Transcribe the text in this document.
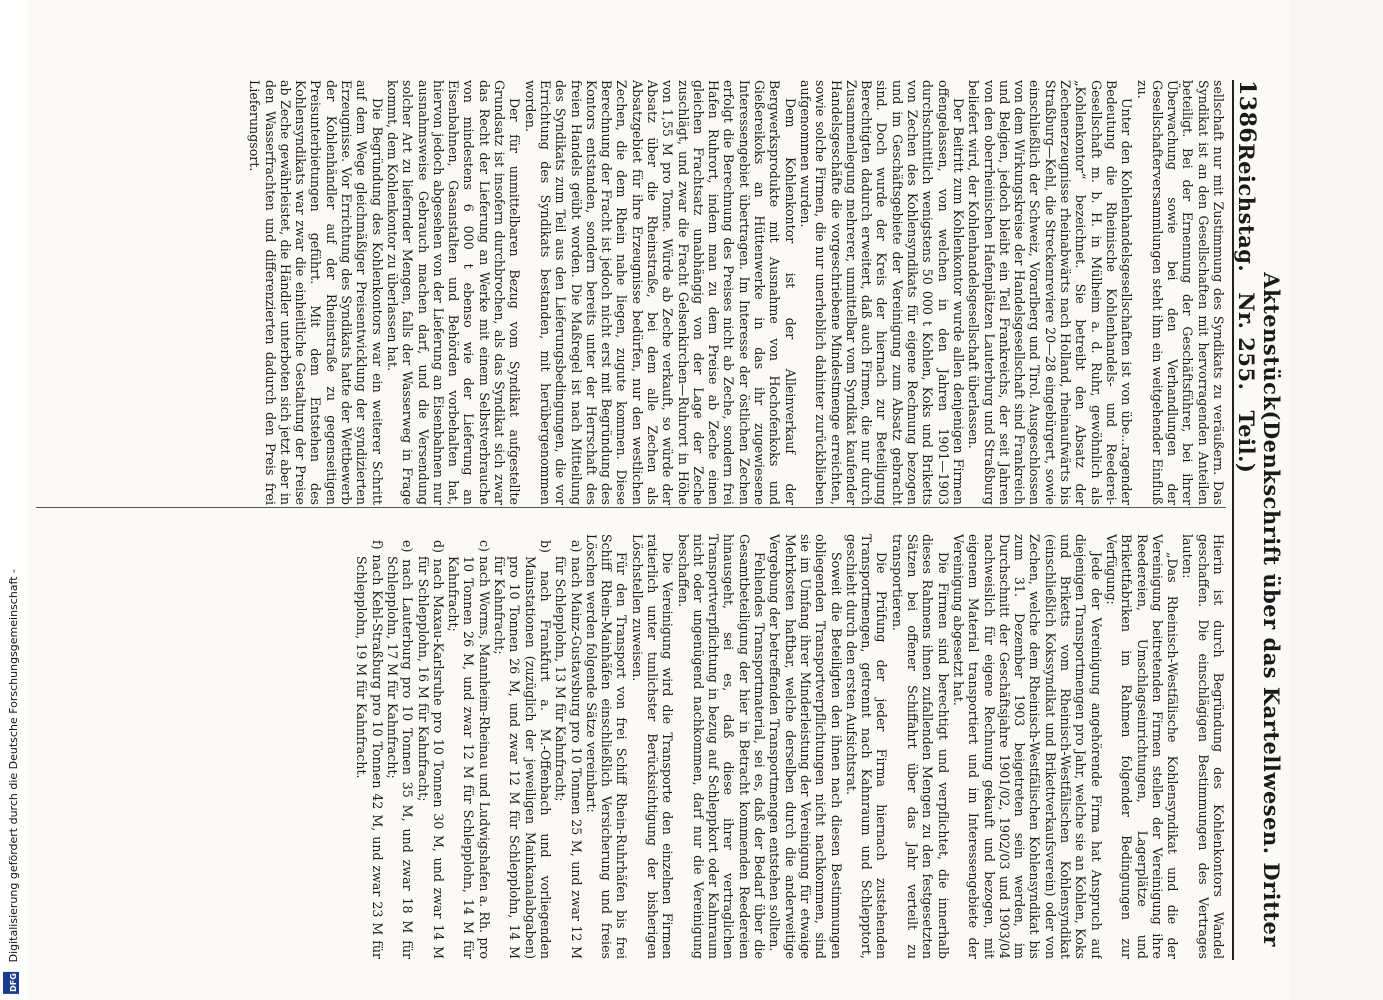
1386
Reichstag.
Aktenstück Nr. 255.
(Denkschrift über das Kartellwesen. Dritter Teil.)

sellschaft nur mit Zustimmung des Syndikats zu veräußern. Das Syndikat ist an den Gesellschaften mit hervorragenden Anteilen beteiligt. Bei der Ernennung der Geschäftsführer, bei ihrer Überwachung sowie bei den Verhandlungen der Gesellschafterversammlungen steht ihm ein weitgehender Einfluß zu.

Unter den Kohlenhandelsgesellschaften ist von übe...ragender Bedeutung die Rheinische Kohlenhandels- und Reederei-Gesellschaft m. b. H. in Mülheim a. d. Ruhr, gewöhnlich als „Kohlenkontor“ bezeichnet. Sie betreibt den Absatz der Zechenerzeugnisse rheinabwärts nach Holland, rheinaufwärts bis Straßburg—Kehl, die Streckenreviere 20—28 eingebürgert, sowie einschließlich der Schweiz, Vorarlberg und Tirol. Ausgeschlossen von dem Wirkungskreise der Handelsgesellschaft sind Frankreich und Belgien, jedoch bleibt ein Teil Frankreichs, der seit Jahren von den oberrheinischen Hafenplätzen Lauterburg und Straßburg beliefert wird, der Kohlenhandelsgesellschaft überlassen.

Der Beitritt zum Kohlenkontor wurde allen denjenigen Firmen offengelassen, von welchen in den Jahren 1901—1903 durchschnittlich wenigstens 50 000 t Kohlen, Koks und Briketts von Zechen des Kohlensyndikats für eigene Rechnung bezogen und im Geschäftsgebiete der Vereinigung zum Absatz gebracht sind. Doch wurde der Kreis der hiernach zur Beteiligung Berechtigten dadurch erweitert, daß auch Firmen, die nur durch Zusammenlegung mehrerer, unmittelbar vom Syndikat kaufender Handelsgeschäfte die vorgeschriebene Mindestmenge erreichten, sowie solche Firmen, die nur unerheblich dahinter zurückblieben aufgenommen wurden.

Dem Kohlenkontor ist der Alleinverkauf der Bergwerksprodukte mit Ausnahme von Hochofenkoks und Gießereikoks an Hüttenwerke in das ihr zugewiesene Interessengebiet übertragen. Im Interesse der östlichen Zechen erfolgt die Berechnung des Preises nicht ab Zeche, sondern frei Hafen Ruhrort, indem man zu dem Preise ab Zeche einen gleichen Frachtsatz unabhängig von der Lage der Zeche zuschlägt, und zwar die Fracht Gelsenkirchen—Ruhrort in Höhe von 1,55 M pro Tonne. Würde ab Zeche verkauft, so würde der Absatz über die Rheinstraße, bei dem alle Zechen als Absatzgebiet für ihre Erzeugnisse bedürfen, nur den westlichen Zechen, die dem Rhein nahe liegen, zugute kommen. Diese Berechnung der Fracht ist jedoch nicht erst mit Begründung des Kontors entstanden, sondern bereits unter der Herrschaft des freien Handels geübt worden. Die Maßregel ist nach Mitteilung des Syndikats zum Teil aus den Lieferungsbedingungen, die vor Errichtung des Syndikats bestanden, mit herübergenommen worden.

Der für unmittelbaren Bezug vom Syndikat aufgestellte Grundsatz ist insofern durchbrochen, als das Syndikat sich zwar das Recht der Lieferung an Werke mit einem Selbstverbrauche von mindestens 6 000 t ebenso wie der Lieferung an Eisenbahnen, Gasanstalten und Behörden vorbehalten hat, hiervon jedoch abgesehen von der Lieferung an Eisenbahnen nur ausnahmsweise Gebrauch machen darf, und die Versendung solcher Art zu liefernder Mengen, falls der Wasserweg in Frage kommt, dem Kohlenkontor zu überlassen hat.

Die Begründung des Kohlenkontors war ein weiterer Schritt auf dem Wege gleichmäßiger Preisentwicklung der syndizierten Erzeugnisse. Vor Errichtung des Syndikats hatte der Wettbewerb der Kohlenhändler auf der Rheinstraße zu gegenseitigen Preisunterbietungen geführt. Mit dem Entstehen des Kohlensyndikats war zwar die einheitliche Gestaltung der Preise ab Zeche gewährleistet, die Händler unterboten sich jetzt aber in den Wasserfrachten und differenzierten dadurch den Preis frei Lieferungsort.

Hierin ist durch Begründung des Kohlenkontors Wandel geschaffen. Die einschlägigen Bestimmungen des Vertrages lauten:

„Das Rheinisch-Westfälische Kohlensyndikat und die der Vereinigung beitretenden Firmen stellen der Vereinigung ihre Reedereien, Umschlagseinrichtungen, Lagerplätze und Brikettfabriken im Rahmen folgender Bedingungen zur Verfügung:

Jede der Vereinigung angehörende Firma hat Anspruch auf diejenigen Transportmengen pro Jahr, welche sie an Kohlen, Koks und Briketts vom Rheinisch-Westfälischen Kohlensyndikat (einschließlich Kokssyndikat und Brikettverkaufsverein) oder von Zechen, welche dem Rheinisch-Westfälischen Kohlensyndikat bis zum 31. Dezember 1903 beigetreten sein werden, im Durchschnitt der Geschäftsjahre 1901/02, 1902/03 und 1903/04 nachweislich für eigene Rechnung gekauft und bezogen, mit eigenem Material transportiert und im Interessengebiete der Vereinigung abgesetzt hat.

Die Firmen sind berechtigt und verpflichtet, die innerhalb dieses Rahmens ihnen zufallenden Mengen zu den festgesetzten Sätzen bei offener Schiffahrt über das Jahr verteilt zu transportieren.

Die Prüfung der jeder Firma hiernach zustehenden Transportmengen, getrennt nach Kahnraum und Schlepptort, geschieht durch den ersten Aufsichtsrat.

Soweit die Beteiligten den ihnen nach diesen Bestimmungen obliegenden Transportverpflichtungen nicht nachkommen, sind sie im Umfang ihrer Minderleistung der Vereinigung für etwaige Mehrkosten haftbar, welche derselben durch die anderweitige Vergebung der betreffenden Transportmengen entstehen sollten.

Fehlendes Transportmaterial, sei es, daß der Bedarf über die Gesamtbeteiligung der hier in Betracht kommenden Reedereien hinausgeht, sei es, daß diese ihrer vertraglichen Transportverpflichtung in bezug auf Schleppkort oder Kahnraum nicht oder ungenügend nachkommen, darf nur die Vereinigung beschaffen.

Die Vereinigung wird die Transporte den einzelnen Firmen ratierlich unter tunlichster Berücksichtigung der bisherigen Löschstellen zuweisen.

Für den Transport von frei Schiff Rhein-Ruhrhäfen bis frei Schiff Rhein-Mainhäfen einschließlich Versicherung und freies Löschen werden folgende Sätze vereinbart:

a) nach Mainz-Gustavsburg pro 10 Tonnen 25 M, und zwar 12 M für Schlepplohn, 13 M für Kahnfracht;

b) nach Frankfurt a. M.-Offenbach und vorliegenden Mainstationen (zuzüglich der jeweiligen Mainkanalabgaben) pro 10 Tonnen 26 M, und zwar 12 M für Schlepplohn, 14 M für Kahnfracht;

c) nach Worms, Mannheim-Rheinau und Ludwigshafen a. Rh. pro 10 Tonnen 26 M, und zwar 12 M für Schlepplohn, 14 M für Kahnfracht;

d) nach Maxau-Karlsruhe pro 10 Tonnen 30 M, und zwar 14 M für Schlepplohn, 16 M für Kahnfracht;

e) nach Lauterburg pro 10 Tonnen 35 M, und zwar 18 M für Schlepplohn, 17 M für Kahnfracht;

f) nach Kehl-Straßburg pro 10 Tonnen 42 M, und zwar 23 M für Schlepplohn, 19 M für Kahnfracht.

DFG Digitalisierung gefördert durch die Deutsche Forschungsgemeinschaft -
